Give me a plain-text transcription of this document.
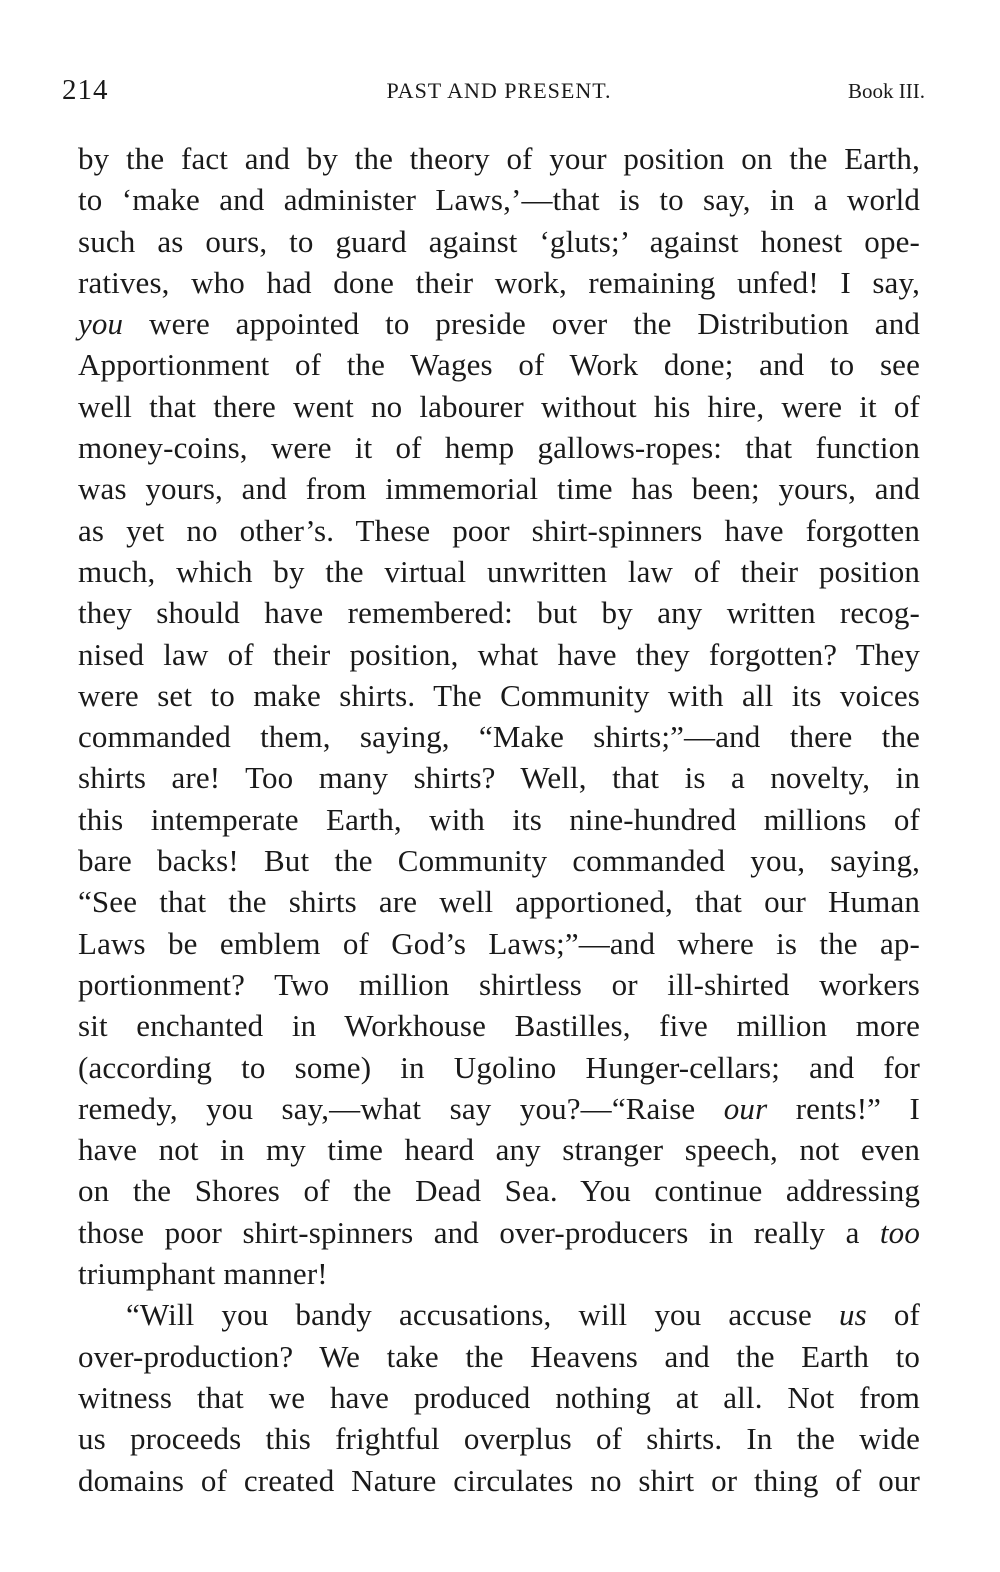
214	PAST AND PRESENT.	Book III.
by the fact and by the theory of your position on the Earth,
to ‘make and administer Laws,’—that is to say, in a world
such as ours, to guard against ‘gluts;’ against honest ope-
ratives, who had done their work, remaining unfed! I say,
you were appointed to preside over the Distribution and
Apportionment of the Wages of Work done; and to see
well that there went no labourer without his hire, were it of
money-coins, were it of hemp gallows-ropes: that function
was yours, and from immemorial time has been; yours, and
as yet no other’s. These poor shirt-spinners have forgotten
much, which by the virtual unwritten law of their position
they should have remembered: but by any written recog-
nised law of their position, what have they forgotten? They
were set to make shirts. The Community with all its voices
commanded them, saying, “Make shirts;”—and there the
shirts are! Too many shirts? Well, that is a novelty, in
this intemperate Earth, with its nine-hundred millions of
bare backs! But the Community commanded you, saying,
“See that the shirts are well apportioned, that our Human
Laws be emblem of God’s Laws;”—and where is the ap-
portionment? Two million shirtless or ill-shirted workers
sit enchanted in Workhouse Bastilles, five million more
(according to some) in Ugolino Hunger-cellars; and for
remedy, you say,—what say you?—“Raise our rents!” I
have not in my time heard any stranger speech, not even
on the Shores of the Dead Sea. You continue addressing
those poor shirt-spinners and over-producers in really a too
triumphant manner!
“Will you bandy accusations, will you accuse us of
over-production? We take the Heavens and the Earth to
witness that we have produced nothing at all. Not from
us proceeds this frightful overplus of shirts. In the wide
domains of created Nature circulates no shirt or thing of our
